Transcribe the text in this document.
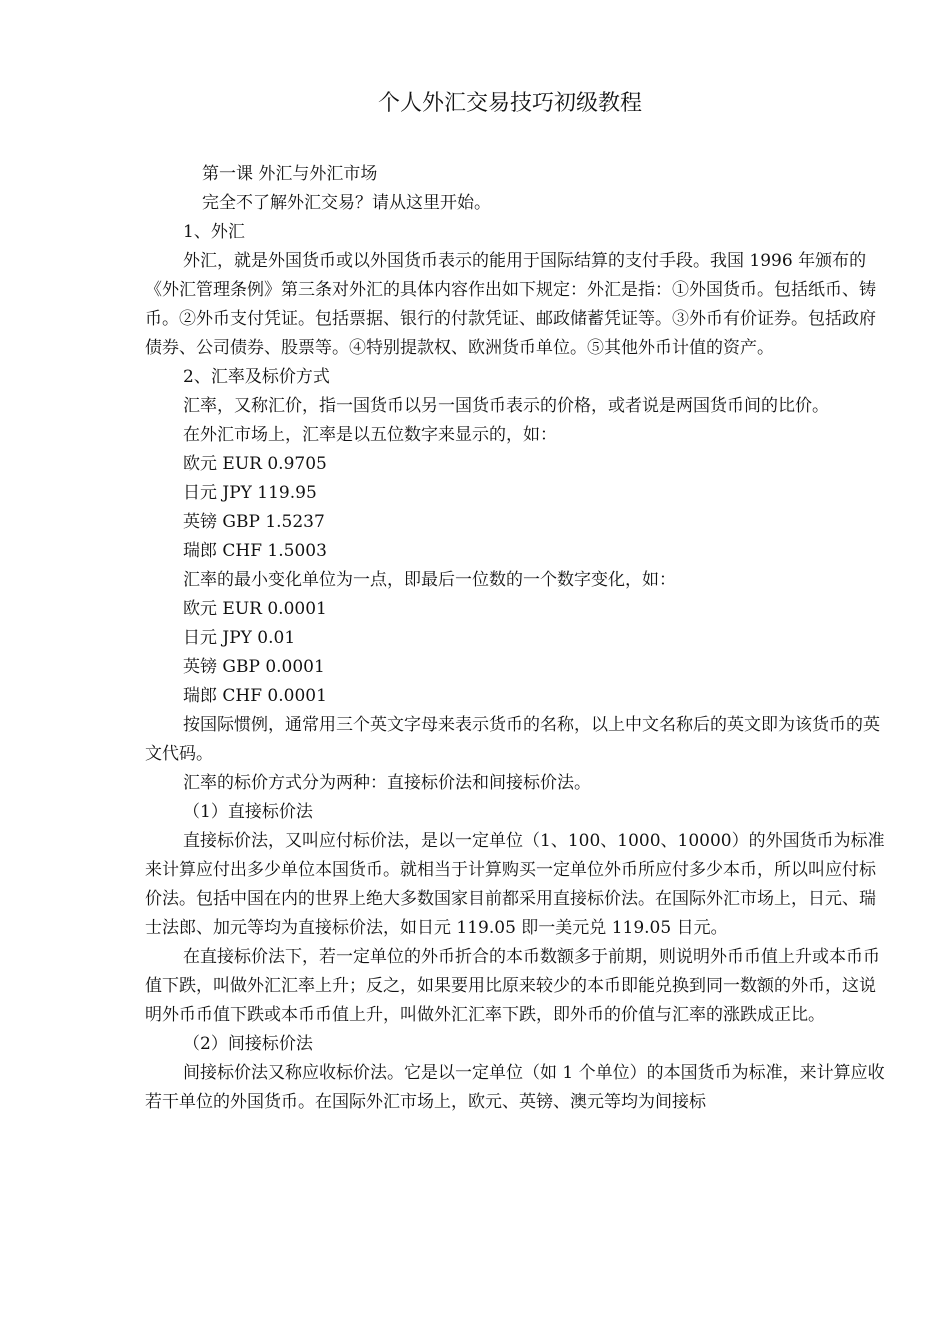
个人外汇交易技巧初级教程

第一课 外汇与外汇市场

完全不了解外汇交易？请从这里开始。

1、外汇

外汇，就是外国货币或以外国货币表示的能用于国际结算的支付手段。我国 1996 年颁布的《外汇管理条例》第三条对外汇的具体内容作出如下规定：外汇是指：①外国货币。包括纸币、铸币。②外币支付凭证。包括票据、银行的付款凭证、邮政储蓄凭证等。③外币有价证券。包括政府债券、公司债券、股票等。④特别提款权、欧洲货币单位。⑤其他外币计值的资产。

2、汇率及标价方式

汇率，又称汇价，指一国货币以另一国货币表示的价格，或者说是两国货币间的比价。

在外汇市场上，汇率是以五位数字来显示的，如：

欧元 EUR 0.9705

日元 JPY 119.95

英镑 GBP 1.5237

瑞郎 CHF 1.5003

汇率的最小变化单位为一点，即最后一位数的一个数字变化，如：

欧元 EUR 0.0001

日元 JPY 0.01

英镑 GBP 0.0001

瑞郎 CHF 0.0001

按国际惯例，通常用三个英文字母来表示货币的名称，以上中文名称后的英文即为该货币的英文代码。

汇率的标价方式分为两种：直接标价法和间接标价法。

（1）直接标价法

直接标价法，又叫应付标价法，是以一定单位（1、100、1000、10000）的外国货币为标准来计算应付出多少单位本国货币。就相当于计算购买一定单位外币所应付多少本币，所以叫应付标价法。包括中国在内的世界上绝大多数国家目前都采用直接标价法。在国际外汇市场上，日元、瑞士法郎、加元等均为直接标价法，如日元 119.05 即一美元兑 119.05 日元。

在直接标价法下，若一定单位的外币折合的本币数额多于前期，则说明外币币值上升或本币币值下跌，叫做外汇汇率上升；反之，如果要用比原来较少的本币即能兑换到同一数额的外币，这说明外币币值下跌或本币币值上升，叫做外汇汇率下跌，即外币的价值与汇率的涨跌成正比。

（2）间接标价法

间接标价法又称应收标价法。它是以一定单位（如 1 个单位）的本国货币为标准，来计算应收若干单位的外国货币。在国际外汇市场上，欧元、英镑、澳元等均为间接标
